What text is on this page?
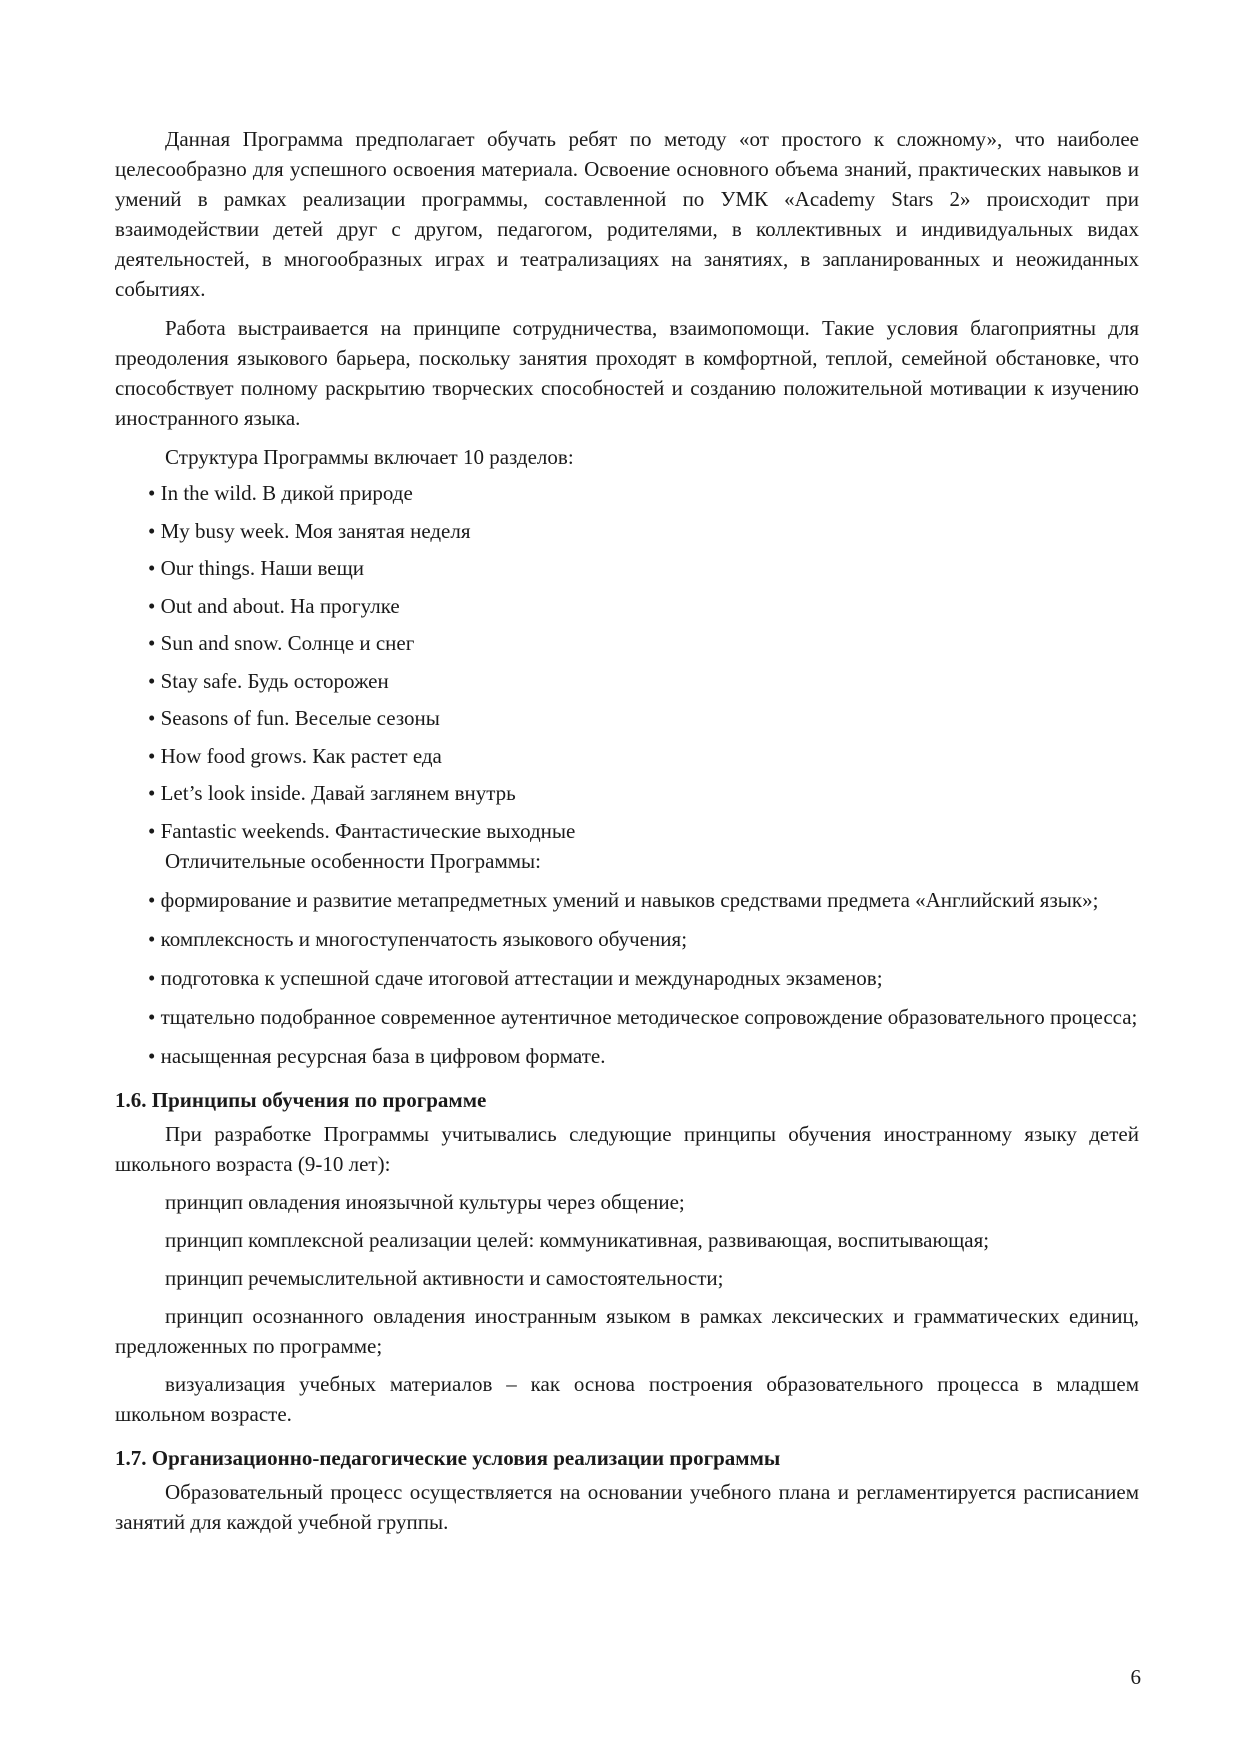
Данная Программа предполагает обучать ребят по методу «от простого к сложному», что наиболее целесообразно для успешного освоения материала. Освоение основного объема знаний, практических навыков и умений в рамках реализации программы, составленной по УМК «Academy Stars 2» происходит при взаимодействии детей друг с другом, педагогом, родителями, в коллективных и индивидуальных видах деятельностей, в многообразных играх и театрализациях на занятиях, в запланированных и неожиданных событиях.

Работа выстраивается на принципе сотрудничества, взаимопомощи. Такие условия благоприятны для преодоления языкового барьера, поскольку занятия проходят в комфортной, теплой, семейной обстановке, что способствует полному раскрытию творческих способностей и созданию положительной мотивации к изучению иностранного языка.

Структура Программы включает 10 разделов:

• In the wild. В дикой природе
• My busy week. Моя занятая неделя
• Our things. Наши вещи
• Out and about. На прогулке
• Sun and snow. Солнце и снег
• Stay safe. Будь осторожен
• Seasons of fun. Веселые сезоны
• How food grows. Как растет еда
• Let’s look inside. Давай заглянем внутрь
• Fantastic weekends. Фантастические выходные

Отличительные особенности Программы:

• формирование и развитие метапредметных умений и навыков средствами предмета «Английский язык»;

• комплексность и многоступенчатость языкового обучения;

• подготовка к успешной сдаче итоговой аттестации и международных экзаменов;

• тщательно подобранное современное аутентичное методическое сопровождение образовательного процесса;

• насыщенная ресурсная база в цифровом формате.

1.6. Принципы обучения по программе

При разработке Программы учитывались следующие принципы обучения иностранному языку детей школьного возраста (9-10 лет):

принцип овладения иноязычной культуры через общение;

принцип комплексной реализации целей: коммуникативная, развивающая, воспитывающая;

принцип речемыслительной активности и самостоятельности;

принцип осознанного овладения иностранным языком в рамках лексических и грамматических единиц, предложенных по программе;

визуализация учебных материалов – как основа построения образовательного процесса в младшем школьном возрасте.

1.7. Организационно-педагогические условия реализации программы

Образовательный процесс осуществляется на основании учебного плана и регламентируется расписанием занятий для каждой учебной группы.

6
